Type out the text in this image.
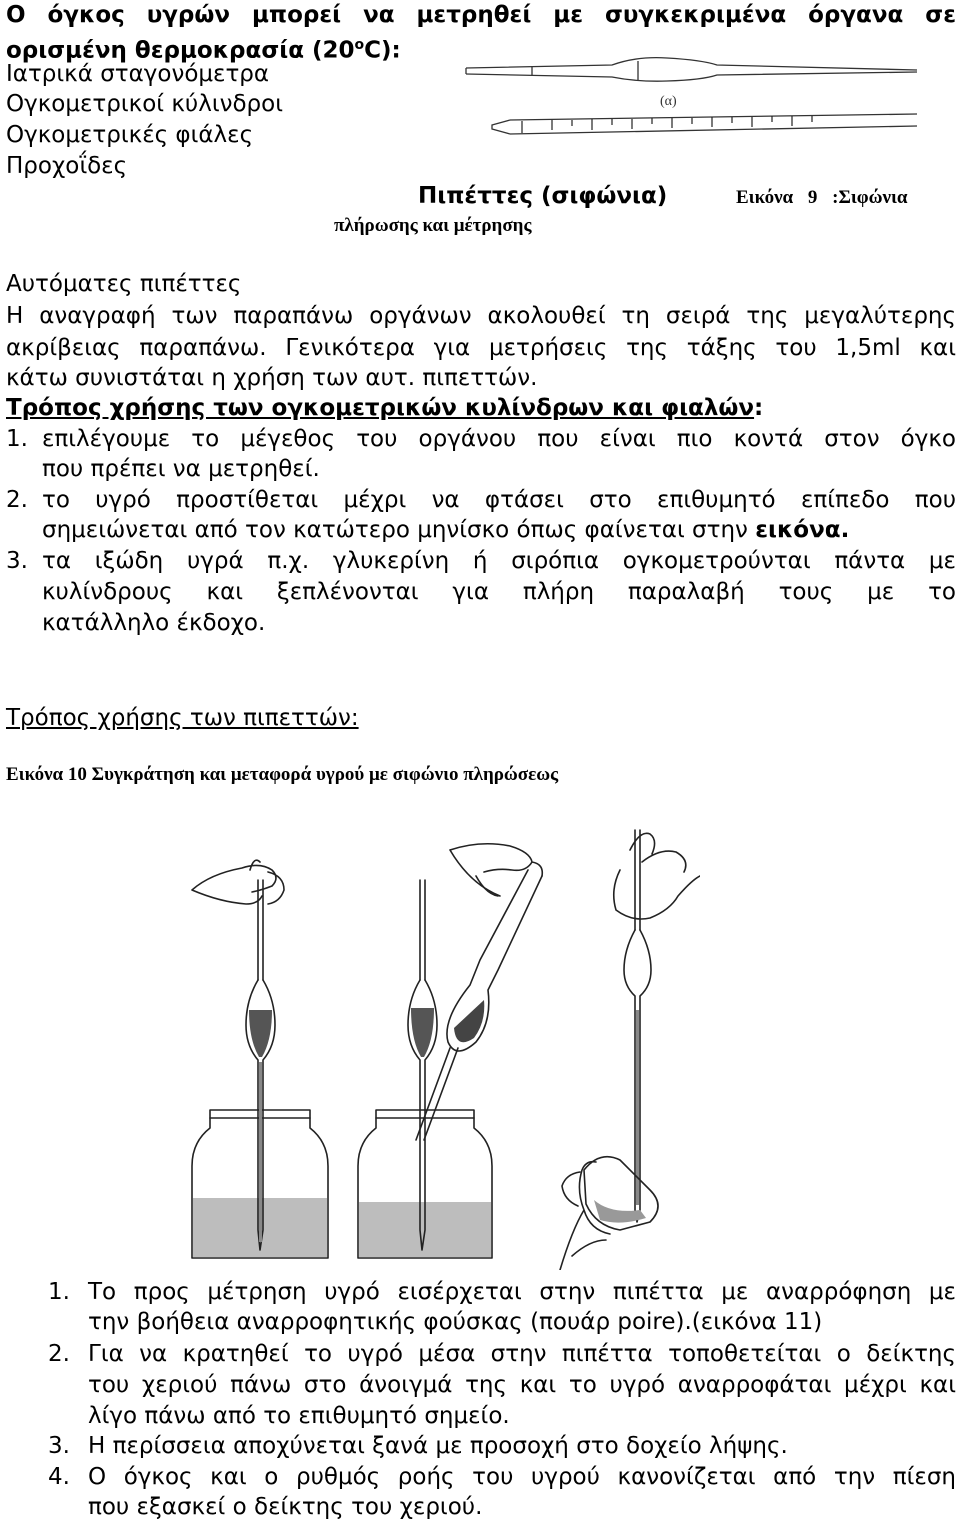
Ο όγκος υγρών μπορεί να μετρηθεί με συγκεκριμένα όργανα σε

ορισμένη θερμοκρασία $(20^oC)$:

Ιατρικά σταγονόμετρα

Ογκομετρικοί κύλινδροι

Ογκομετρικές φιάλες

Προχοΐδες

(α)

Πιπέττες (σιφώνια)	Εικόνα 9 :Σιφώνια

πλήρωσης και μέτρησης

Αυτόματες πιπέττες

Η αναγραφή των παραπάνω οργάνων ακολουθεί τη σειρά της μεγαλύτερης

ακρίβειας παραπάνω. Γενικότερα για μετρήσεις της τάξης του 1,5ml και

κάτω συνιστάται η χρήση των αυτ. πιπεττών.

Τρόπος χρήσης των ογκομετρικών κυλίνδρων και φιαλών:

1. επιλέγουμε το μέγεθος του οργάνου που είναι πιο κοντά στον όγκο

που πρέπει να μετρηθεί.

2. το υγρό προστίθεται μέχρι να φτάσει στο επιθυμητό επίπεδο που

σημειώνεται από τον κατώτερο μηνίσκο όπως φαίνεται στην εικόνα.

3. τα ιξώδη υγρά π.χ. γλυκερίνη ή σιρόπια ογκομετρούνται πάντα με

κυλίνδρους και ξεπλένονται για πλήρη παραλαβή τους με το

κατάλληλο έκδοχο.

Τρόπος χρήσης των πιπεττών:

Εικόνα 10 Συγκράτηση και μεταφορά υγρού με σιφώνιο πληρώσεως

1. Το προς μέτρηση υγρό εισέρχεται στην πιπέττα με αναρρόφηση με

την βοήθεια αναρροφητικής φούσκας (πουάρ poire).(εικόνα 11)

2. Για να κρατηθεί το υγρό μέσα στην πιπέττα τοποθετείται ο δείκτης

του χεριού πάνω στο άνοιγμά της και το υγρό αναρροφάται μέχρι και

λίγο πάνω από το επιθυμητό σημείο.

3. Η περίσσεια αποχύνεται ξανά με προσοχή στο δοχείο λήψης.

4. Ο όγκος και ο ρυθμός ροής του υγρού κανονίζεται από την πίεση

που εξασκεί ο δείκτης του χεριού.
